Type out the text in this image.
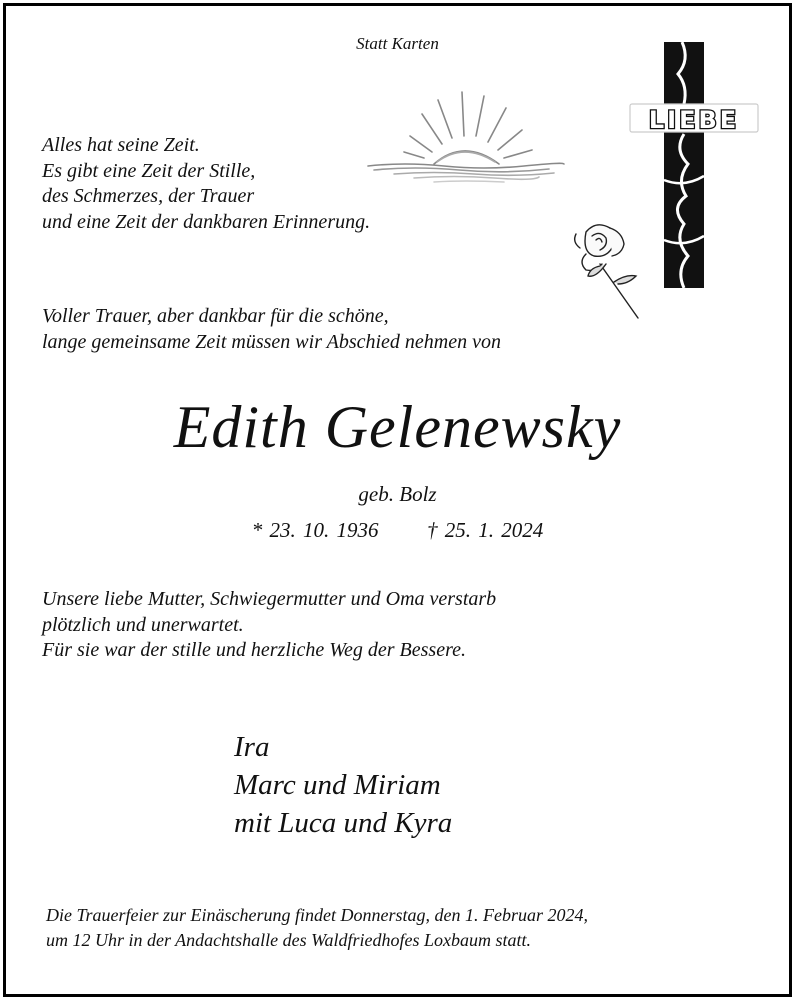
Statt Karten

LIEBE
Alles hat seine Zeit.
Es gibt eine Zeit der Stille,
des Schmerzes, der Trauer
und eine Zeit der dankbaren Erinnerung.
Voller Trauer, aber dankbar für die schöne,
lange gemeinsame Zeit müssen wir Abschied nehmen von

Edith Gelenewsky

geb. Bolz

* 23. 10. 1936 † 25. 1. 2024

Unsere liebe Mutter, Schwiegermutter und Oma verstarb
plötzlich und unerwartet.
Für sie war der stille und herzliche Weg der Bessere.
Ira
Marc und Miriam
mit Luca und Kyra
Die Trauerfeier zur Einäscherung findet Donnerstag, den 1. Februar 2024,
um 12 Uhr in der Andachtshalle des Waldfriedhofes Loxbaum statt.
